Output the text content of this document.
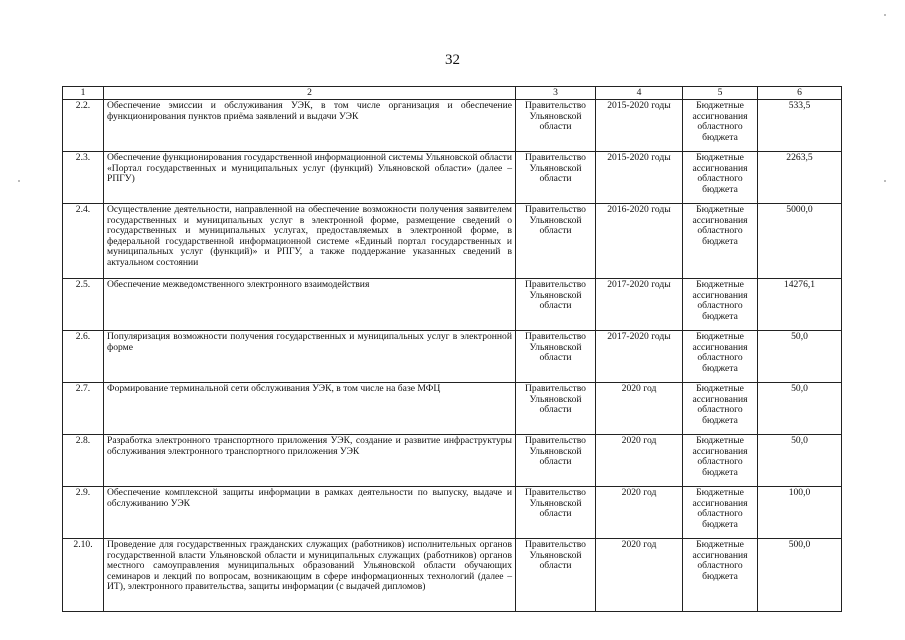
32
1	2	3	4	5	6
2.2.	Обеспечение эмиссии и обслуживания УЭК, в том числе организация и обеспечение функционирования пунктов приёма заявлений и выдачи УЭК	Правительство Ульяновской области	2015-2020 годы	Бюджетные ассигнования областного бюджета	533,5
2.3.	Обеспечение функционирования государственной информационной системы Ульяновской области «Портал государственных и муниципальных услуг (функций) Ульяновской области» (далее – РПГУ)	Правительство Ульяновской области	2015-2020 годы	Бюджетные ассигнования областного бюджета	2263,5
2.4.	Осуществление деятельности, направленной на обеспечение возможности получения заявителем государственных и муниципальных услуг в электронной форме, размещение сведений о государственных и муниципальных услугах, предоставляемых в электронной форме, в федеральной государственной информационной системе «Единый портал государственных и муниципальных услуг (функций)» и РПГУ, а также поддержание указанных сведений в актуальном состоянии	Правительство Ульяновской области	2016-2020 годы	Бюджетные ассигнования областного бюджета	5000,0
2.5.	Обеспечение межведомственного электронного взаимодействия	Правительство Ульяновской области	2017-2020 годы	Бюджетные ассигнования областного бюджета	14276,1
2.6.	Популяризация возможности получения государственных и муниципальных услуг в электронной форме	Правительство Ульяновской области	2017-2020 годы	Бюджетные ассигнования областного бюджета	50,0
2.7.	Формирование терминальной сети обслуживания УЭК, в том числе на базе МФЦ	Правительство Ульяновской области	2020 год	Бюджетные ассигнования областного бюджета	50,0
2.8.	Разработка электронного транспортного приложения УЭК, создание и развитие инфраструктуры обслуживания электронного транспортного приложения УЭК	Правительство Ульяновской области	2020 год	Бюджетные ассигнования областного бюджета	50,0
2.9.	Обеспечение комплексной защиты информации в рамках деятельности по выпуску, выдаче и обслуживанию УЭК	Правительство Ульяновской области	2020 год	Бюджетные ассигнования областного бюджета	100,0
2.10.	Проведение для государственных гражданских служащих (работников) исполнительных органов государственной власти Ульяновской области и муниципальных служащих (работников) органов местного самоуправления муниципальных образований Ульяновской области обучающих семинаров и лекций по вопросам, возникающим в сфере информационных технологий (далее – ИТ), электронного правительства, защиты информации (с выдачей дипломов)	Правительство Ульяновской области	2020 год	Бюджетные ассигнования областного бюджета	500,0
